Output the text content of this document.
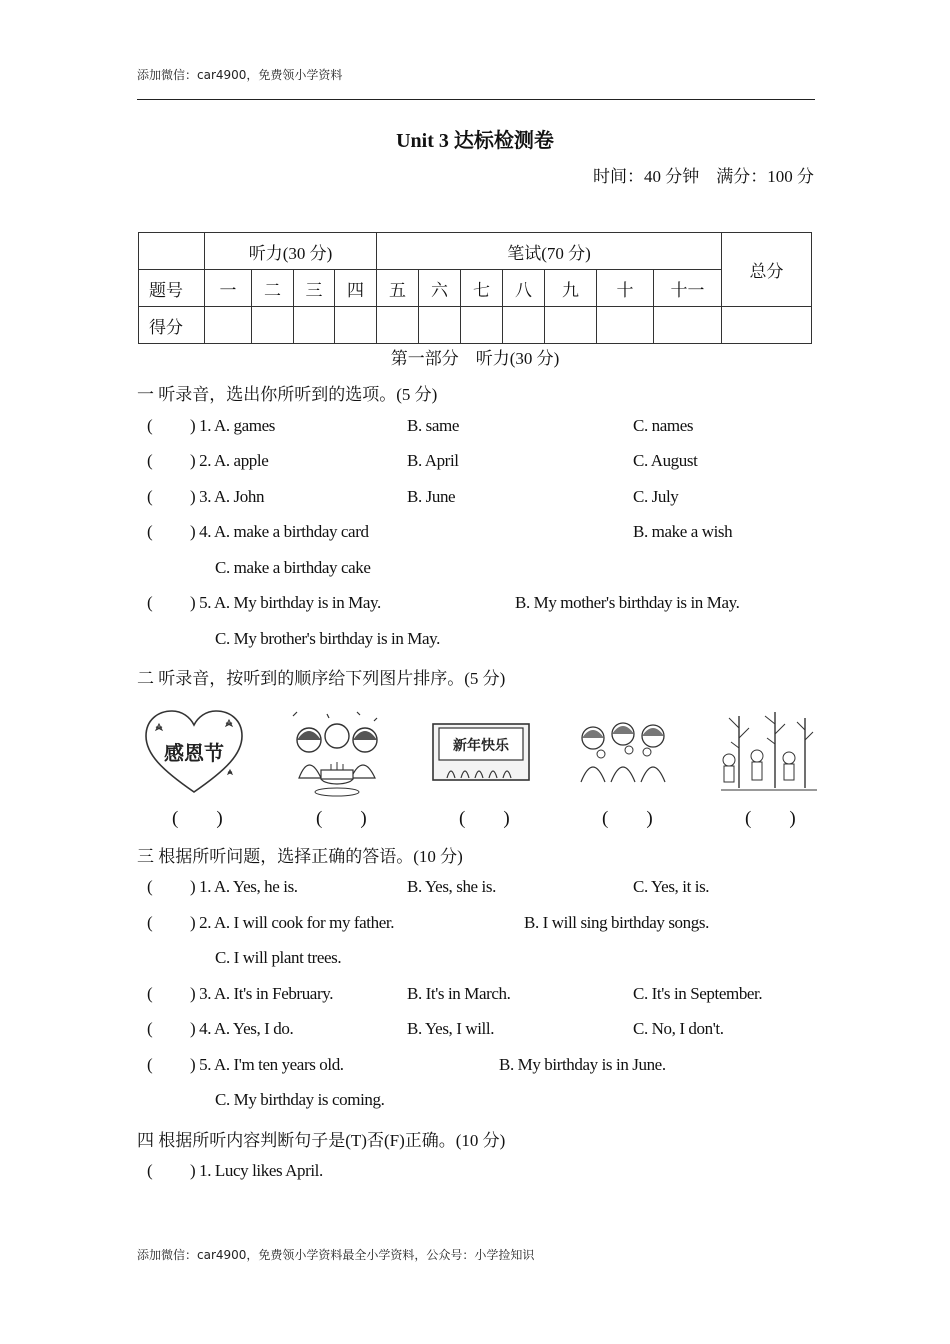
添加微信：car4900，免费领小学资料
Unit 3 达标检测卷
时间：40 分钟　满分：100 分
	听力(30 分)				笔试(70 分)							总分
题号	一	二	三	四	五	六	七	八	九	十	十一	
得分												
第一部分　听力(30 分)
一 听录音，选出你所听到的选项。(5 分)
( ) 1. A. games	B. same	C. names
( ) 2. A. apple	B. April	C. August
( ) 3. A. John	B. June	C. July
( ) 4. A. make a birthday card	B. make a wish
C. make a birthday cake
( ) 5. A. My birthday is in May.	B. My mother's birthday is in May.
C. My brother's birthday is in May.
二 听录音，按听到的顺序给下列图片排序。(5 分)
感恩节	新年快乐
(　　)	(　　)	(　　)	(　　)	(　　)
三 根据所听问题，选择正确的答语。(10 分)
( ) 1. A. Yes, he is.	B. Yes, she is.	C. Yes, it is.
( ) 2. A. I will cook for my father.	B. I will sing birthday songs.
C. I will plant trees.
( ) 3. A. It's in February.	B. It's in March.	C. It's in September.
( ) 4. A. Yes, I do.	B. Yes, I will.	C. No, I don't.
( ) 5. A. I'm ten years old.	B. My birthday is in June.
C. My birthday is coming.
四 根据所听内容判断句子是(T)否(F)正确。(10 分)
( ) 1. Lucy likes April.
添加微信：car4900，免费领小学资料最全小学资料，公众号：小学捡知识
